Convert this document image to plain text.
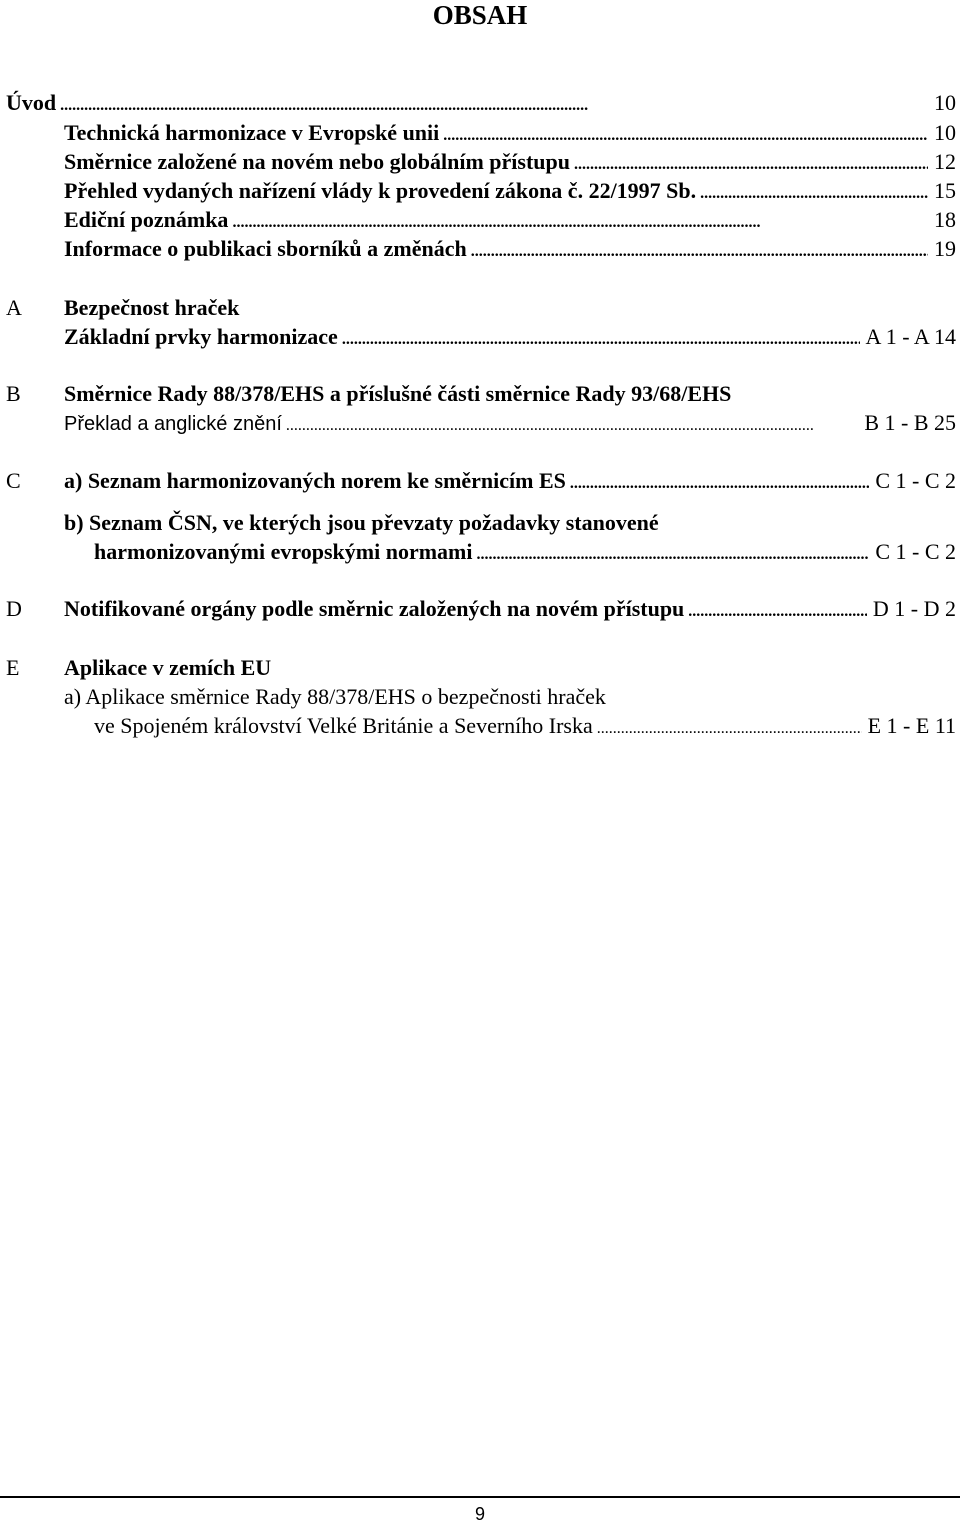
OBSAH
Úvod . . .	10
Technická harmonizace v Evropské unii . . .	10
Směrnice založené na novém nebo globálním přístupu . . .	12
Přehled vydaných nařízení vlády k provedení zákona č. 22/1997 Sb. . . .	15
Ediční poznámka . . .	18
Informace o publikaci sborníků a změnách . . .	19
A Bezpečnost hraček
Základní prvky harmonizace . . .	A 1 - A 14
B Směrnice Rady 88/378/EHS a příslušné části směrnice Rady 93/68/EHS
Překlad a anglické znění . . .	B 1 - B 25
C a) Seznam harmonizovaných norem ke směrnicím ES . . .	C 1 - C 2
b) Seznam ČSN, ve kterých jsou převzaty požadavky stanovené
harmonizovanými evropskými normami . . .	C 1 - C 2
D Notifikované orgány podle směrnic založených na novém přístupu . . .	D 1 - D 2
E Aplikace v zemích EU
a) Aplikace směrnice Rady 88/378/EHS o bezpečnosti hraček
ve Spojeném království Velké Británie a Severního Irska . . .	E 1 - E 11
9
